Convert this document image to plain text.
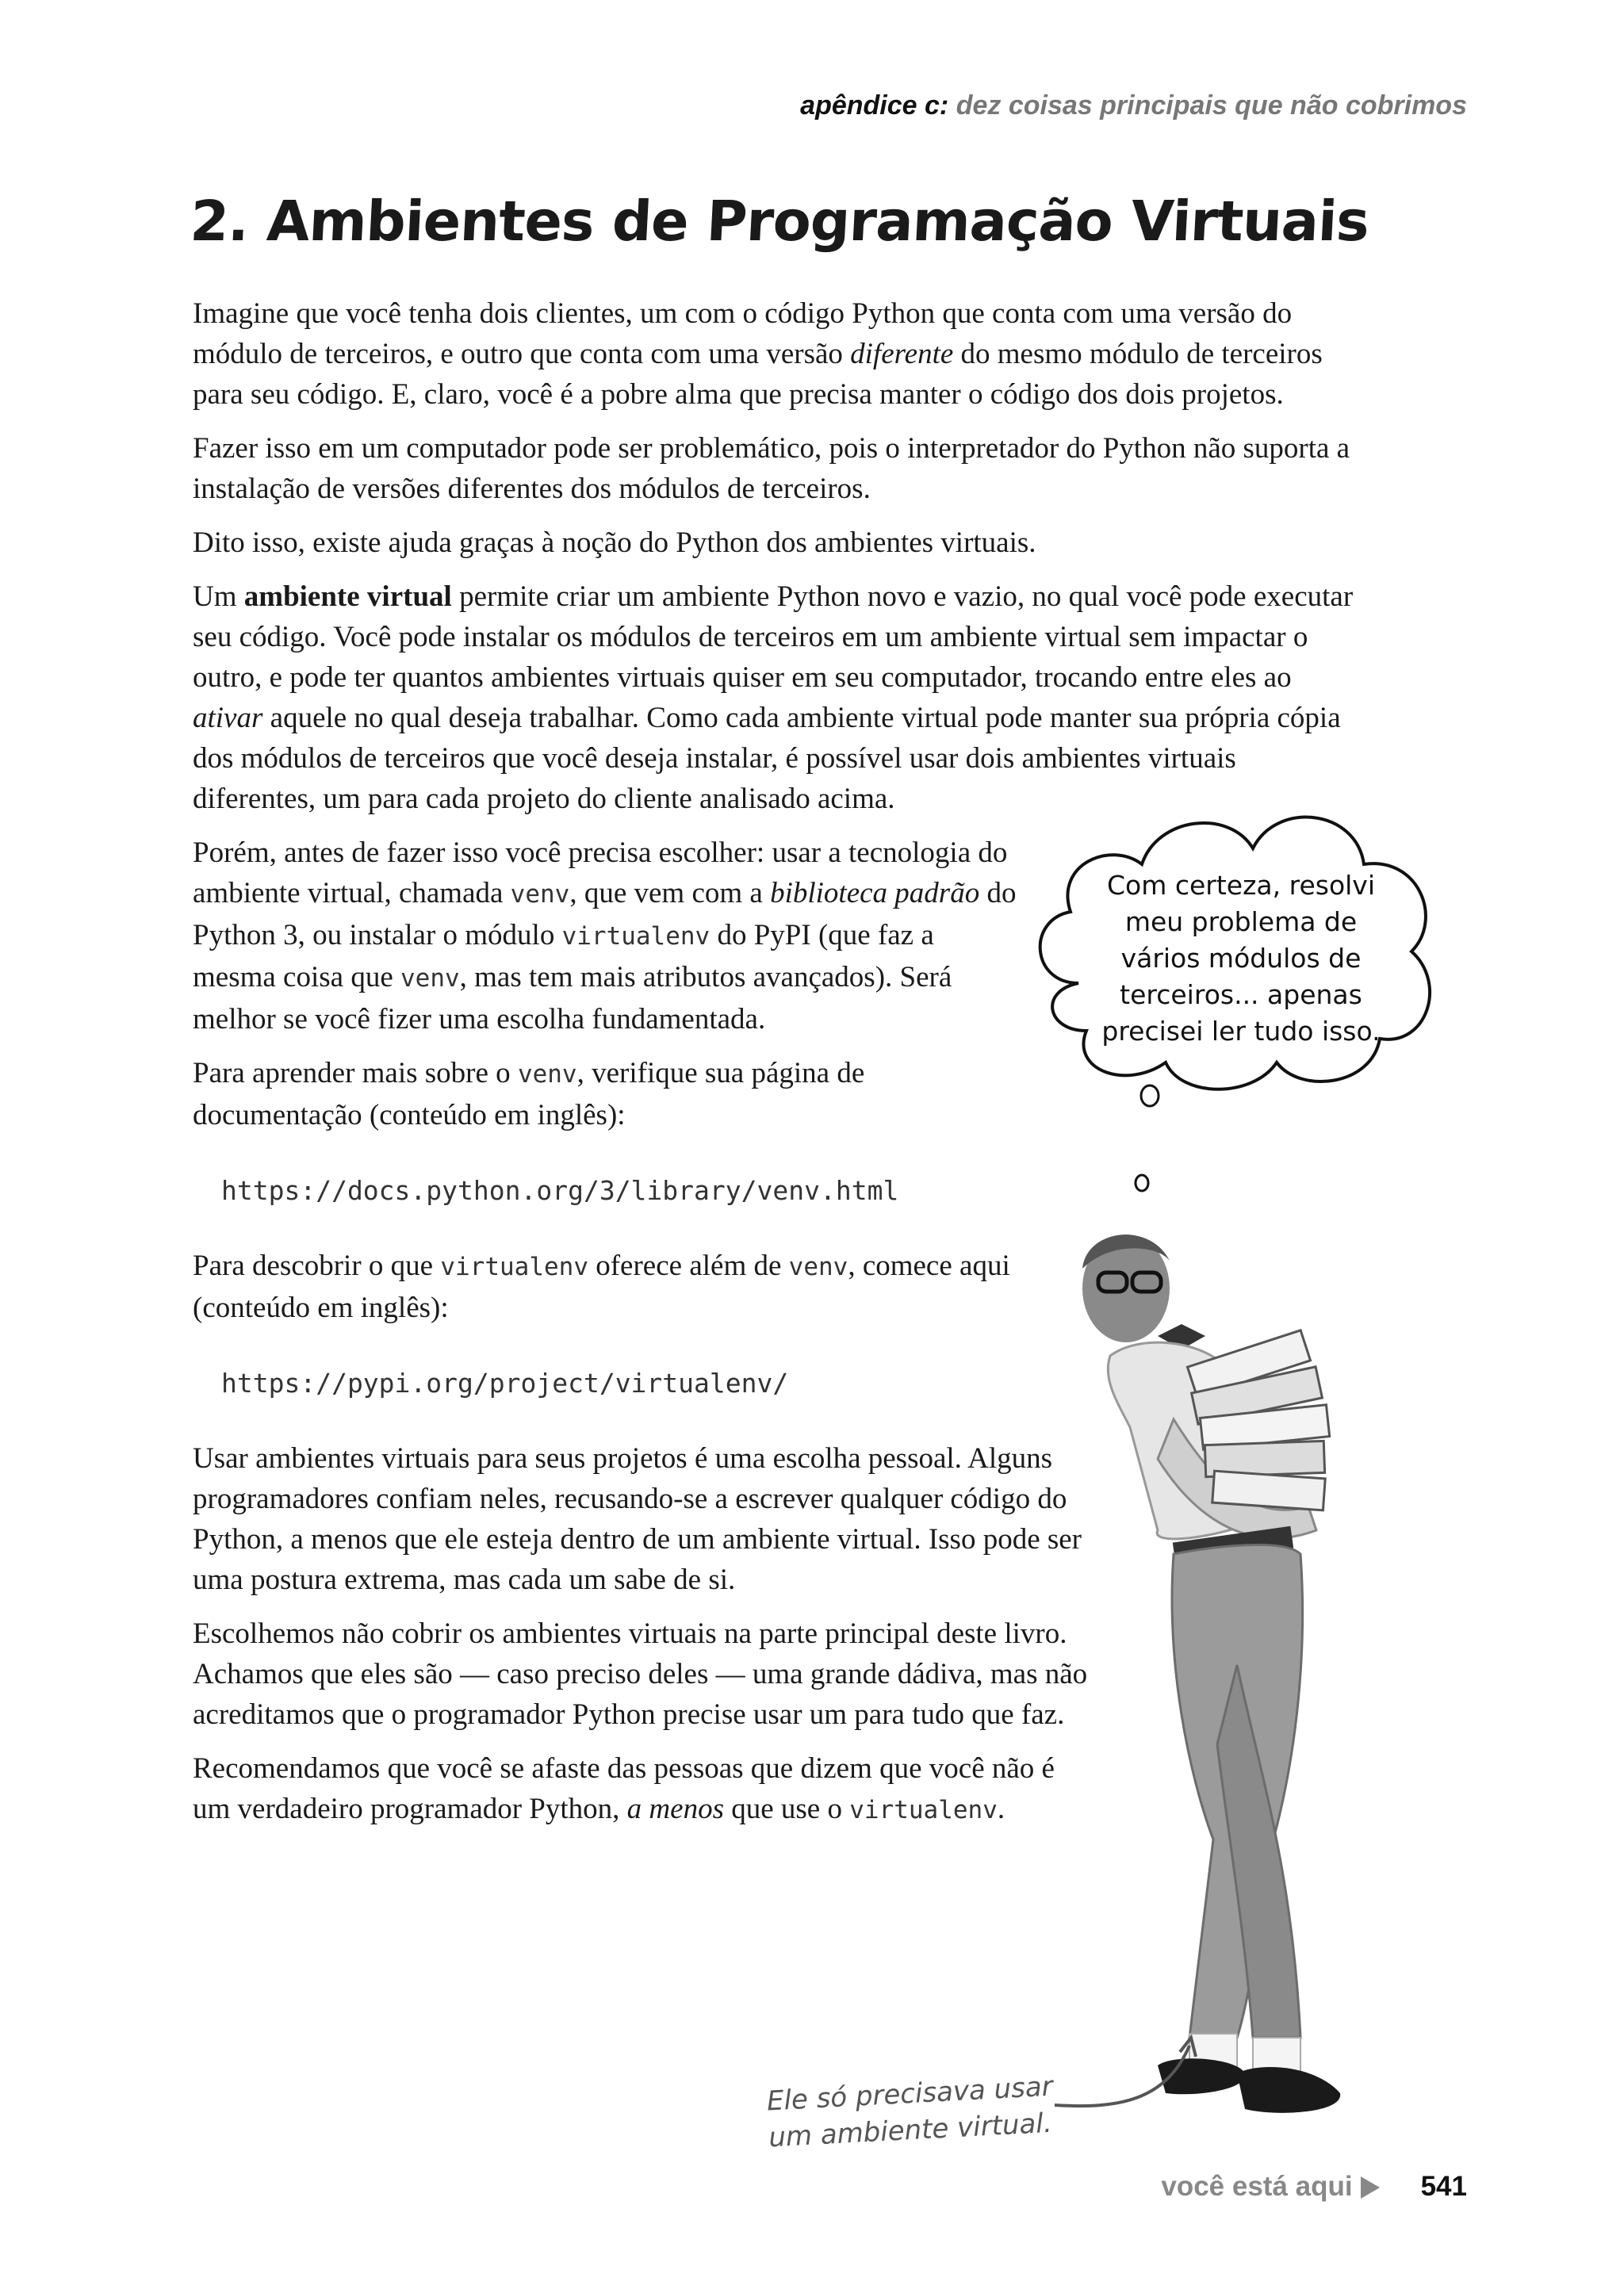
apêndice c: dez coisas principais que não cobrimos
2. Ambientes de Programação Virtuais

Imagine que você tenha dois clientes, um com o código Python que conta com uma versão do módulo de terceiros, e outro que conta com uma versão diferente do mesmo módulo de terceiros para seu código. E, claro, você é a pobre alma que precisa manter o código dos dois projetos.

Fazer isso em um computador pode ser problemático, pois o interpretador do Python não suporta a instalação de versões diferentes dos módulos de terceiros.

Dito isso, existe ajuda graças à noção do Python dos ambientes virtuais.

Um ambiente virtual permite criar um ambiente Python novo e vazio, no qual você pode executar seu código. Você pode instalar os módulos de terceiros em um ambiente virtual sem impactar o outro, e pode ter quantos ambientes virtuais quiser em seu computador, trocando entre eles ao ativar aquele no qual deseja trabalhar. Como cada ambiente virtual pode manter sua própria cópia dos módulos de terceiros que você deseja instalar, é possível usar dois ambientes virtuais diferentes, um para cada projeto do cliente analisado acima.

Porém, antes de fazer isso você precisa escolher: usar a tecnologia do ambiente virtual, chamada venv, que vem com a biblioteca padrão do Python 3, ou instalar o módulo virtualenv do PyPI (que faz a mesma coisa que venv, mas tem mais atributos avançados). Será melhor se você fizer uma escolha fundamentada.

Para aprender mais sobre o venv, verifique sua página de documentação (conteúdo em inglês):

https://docs.python.org/3/library/venv.html

Para descobrir o que virtualenv oferece além de venv, comece aqui (conteúdo em inglês):

https://pypi.org/project/virtualenv/

Usar ambientes virtuais para seus projetos é uma escolha pessoal. Alguns programadores confiam neles, recusando-se a escrever qualquer código do Python, a menos que ele esteja dentro de um ambiente virtual. Isso pode ser uma postura extrema, mas cada um sabe de si.

Escolhemos não cobrir os ambientes virtuais na parte principal deste livro. Achamos que eles são — caso preciso deles — uma grande dádiva, mas não acreditamos que o programador Python precise usar um para tudo que faz.

Recomendamos que você se afaste das pessoas que dizem que você não é um verdadeiro programador Python, a menos que use o virtualenv.

Com certeza, resolvi
meu problema de
vários módulos de
terceiros... apenas
precisei ler tudo isso.
Ele só precisava usar
um ambiente virtual.
você está aqui 541
